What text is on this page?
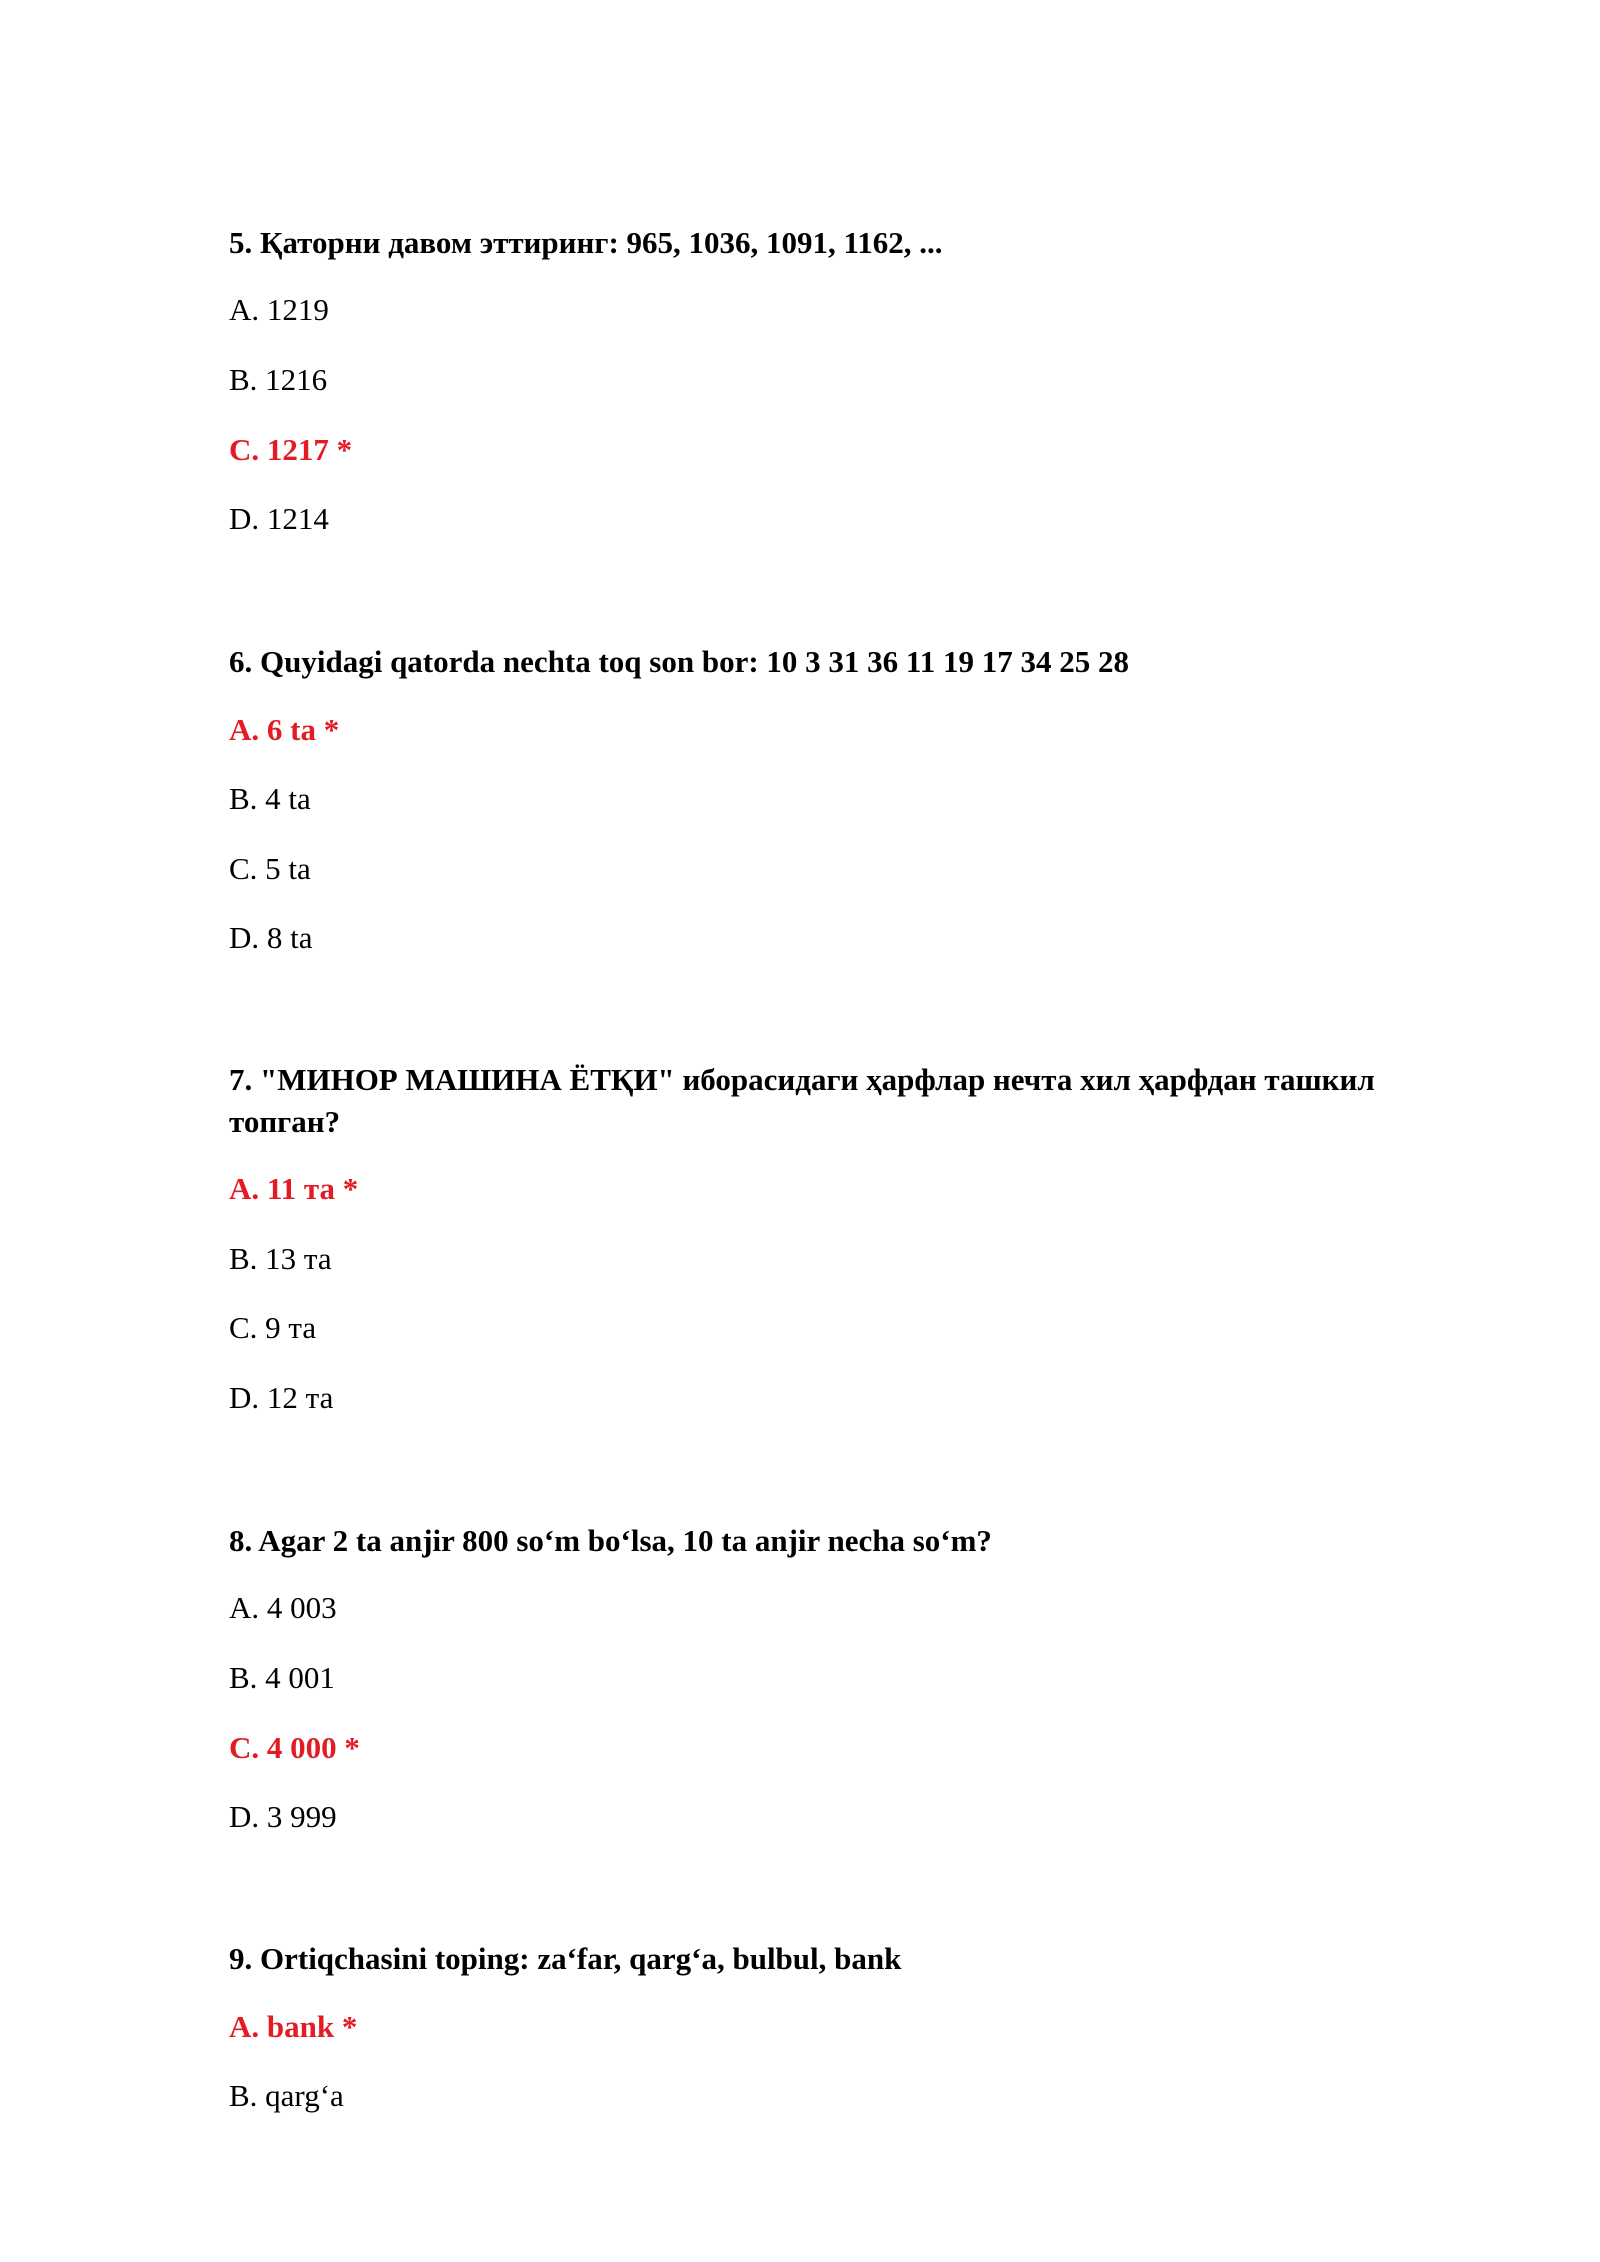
5. Қаторни давом эттиринг: 965, 1036, 1091, 1162, ...

A. 1219

B. 1216

C. 1217 *

D. 1214

6. Quyidagi qatorda nechta toq son bor: 10 3 31 36 11 19 17 34 25 28

A. 6 ta *

B. 4 ta

C. 5 ta

D. 8 ta

7. "МИНОР МАШИНА ЁТҚИ" иборасидаги ҳарфлар нечта хил ҳарфдан ташкил топган?

A. 11 та *

B. 13 та

C. 9 та

D. 12 та

8. Agar 2 ta anjir 800 so‘m bo‘lsa, 10 ta anjir necha so‘m?

A. 4 003

B. 4 001

C. 4 000 *

D. 3 999

9. Ortiqchasini toping: za‘far, qarg‘a, bulbul, bank

A. bank *

B. qarg‘a
